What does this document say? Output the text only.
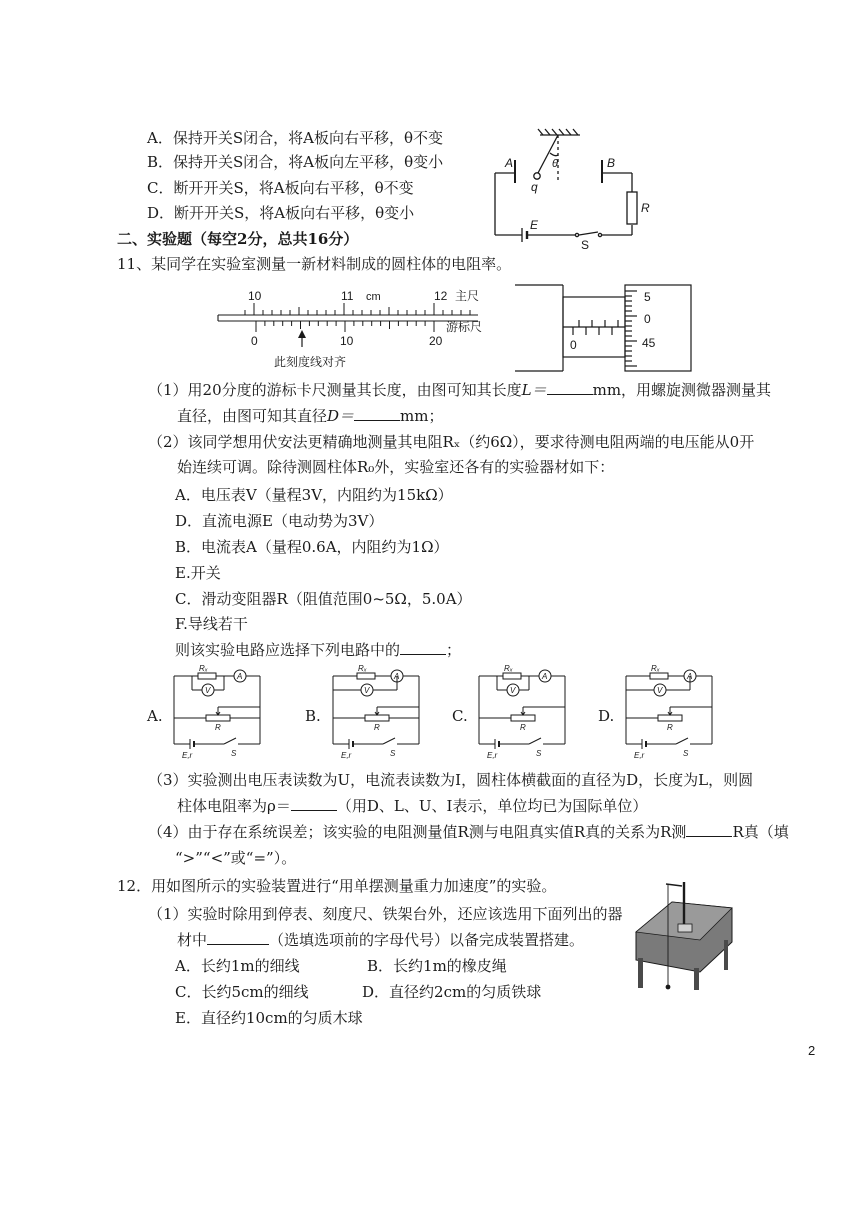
A．保持开关S闭合，将A板向右平移，θ不变
B．保持开关S闭合，将A板向左平移，θ变小
C．断开开关S，将A板向右平移，θ不变
D．断开开关S，将A板向右平移，θ变小
A	B
q
θ
R
E
S
二、实验题（每空2分，总共16分）
11、某同学在实验室测量一新材料制成的圆柱体的电阻率。
10	11 cm	12 主尺
0	10	20
游标尺
此刻度线对齐
5
0
45
0
（1）用20分度的游标卡尺测量其长度，由图可知其长度L＝	mm，用螺旋测微器测量其
直径，由图可知其直径D＝	mm；
（2）该同学想用伏安法更精确地测量其电阻Rₓ（约6Ω），要求待测电阻两端的电压能从0开
始连续可调。除待测圆柱体R₀外，实验室还各有的实验器材如下：
A．电压表V（量程3V，内阻约为15kΩ）
D．直流电源E（电动势为3V）
B．电流表A（量程0.6A，内阻约为1Ω）
E.开关
C．滑动变阻器R（阻值范围0~5Ω，5.0A）
F.导线若干
则该实验电路应选择下列电路中的	；
A.	B.	C.	D.
Rₓ
A
V
R
E,r	S
Rₓ
A
V
R
E,r	S
Rₓ
A
V
R
E,r	S
Rₓ
A
V
R
E,r	S
（3）实验测出电压表读数为U，电流表读数为I，圆柱体横截面的直径为D，长度为L，则圆
柱体电阻率为ρ＝	（用D、L、U、I表示，单位均已为国际单位）
（4）由于存在系统误差；该实验的电阻测量值R测与电阻真实值R真的关系为R测	R真（填
“>”“<”或“=”）。
12．用如图所示的实验装置进行“用单摆测量重力加速度”的实验。
（1）实验时除用到停表、刻度尺、铁架台外，还应该选用下面列出的器
材中	（选填选项前的字母代号）以备完成装置搭建。
A．长约1m的细线	B．长约1m的橡皮绳
C．长约5cm的细线	D．直径约2cm的匀质铁球
E．直径约10cm的匀质木球
2
